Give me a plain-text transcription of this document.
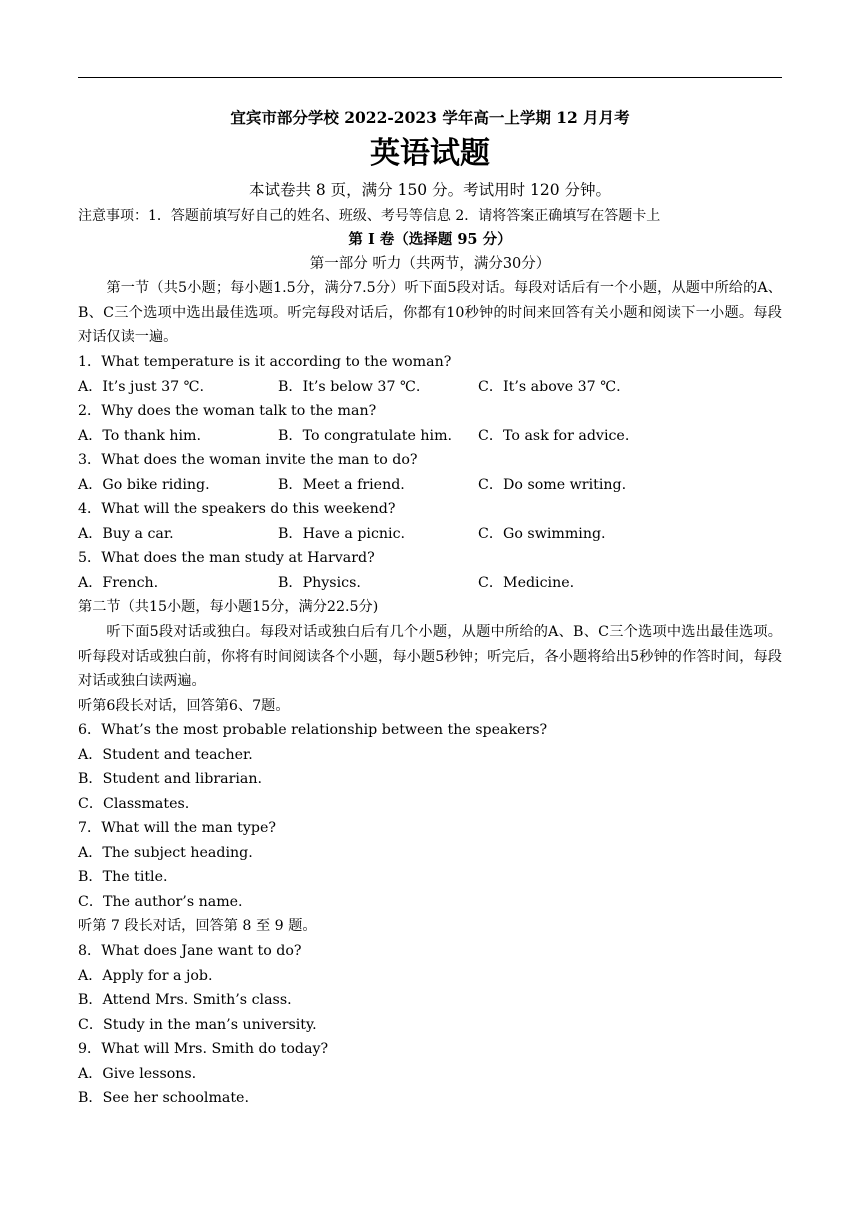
宜宾市部分学校 2022-2023 学年高一上学期 12 月月考
英语试题
本试卷共 8 页，满分 150 分。考试用时 120 分钟。
注意事项：1．答题前填写好自己的姓名、班级、考号等信息 2．请将答案正确填写在答题卡上
第 I 卷（选择题 95 分）
第一部分 听力（共两节，满分30分）
第一节（共5小题；每小题1.5分，满分7.5分）听下面5段对话。每段对话后有一个小题，从题中所给的A、B、C三个选项中选出最佳选项。听完每段对话后，你都有10秒钟的时间来回答有关小题和阅读下一小题。每段对话仅读一遍。
1．What temperature is it according to the woman?
A．It’s just 37 ℃.	B．It’s below 37 ℃.	C．It’s above 37 ℃.
2．Why does the woman talk to the man?
A．To thank him.	B．To congratulate him.	C．To ask for advice.
3．What does the woman invite the man to do?
A．Go bike riding.	B．Meet a friend.	C．Do some writing.
4．What will the speakers do this weekend?
A．Buy a car.	B．Have a picnic.	C．Go swimming.
5．What does the man study at Harvard?
A．French.	B．Physics.	C．Medicine.
第二节（共15小题，每小题15分，满分22.5分)
听下面5段对话或独白。每段对话或独白后有几个小题，从题中所给的A、B、C三个选项中选出最佳选项。听每段对话或独白前，你将有时间阅读各个小题，每小题5秒钟；听完后，各小题将给出5秒钟的作答时间，每段对话或独白读两遍。
听第6段长对话，回答第6、7题。
6．What’s the most probable relationship between the speakers?
A．Student and teacher.
B．Student and librarian.
C．Classmates.
7．What will the man type?
A．The subject heading.
B．The title.
C．The author’s name.
听第 7 段长对话，回答第 8 至 9 题。
8．What does Jane want to do?
A．Apply for a job.
B．Attend Mrs. Smith’s class.
C．Study in the man’s university.
9．What will Mrs. Smith do today?
A．Give lessons.
B．See her schoolmate.
